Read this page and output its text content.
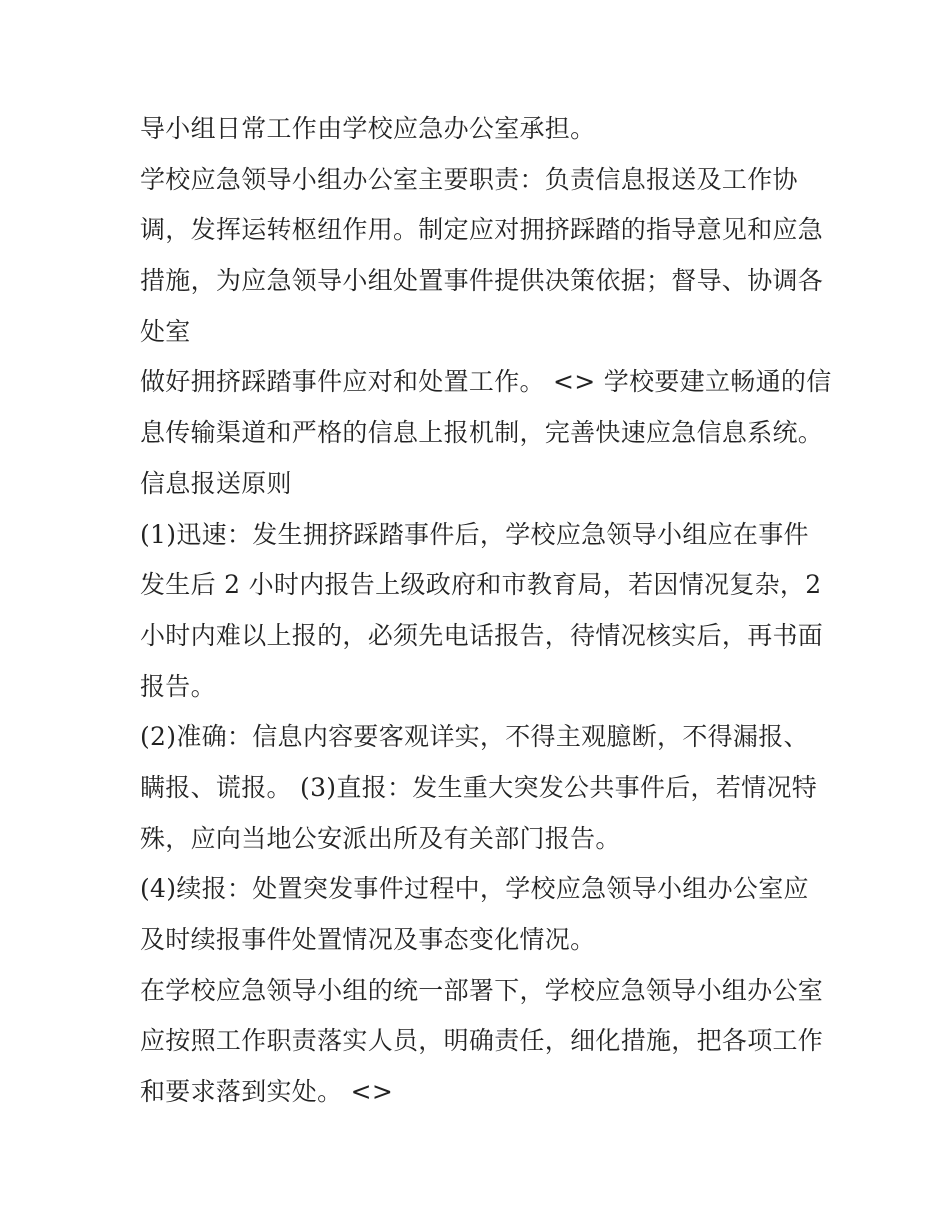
导小组日常工作由学校应急办公室承担。
学校应急领导小组办公室主要职责：负责信息报送及工作协
调，发挥运转枢纽作用。制定应对拥挤踩踏的指导意见和应急
措施，为应急领导小组处置事件提供决策依据；督导、协调各
处室
做好拥挤踩踏事件应对和处置工作。 <> 学校要建立畅通的信
息传输渠道和严格的信息上报机制，完善快速应急信息系统。
信息报送原则
(1)迅速：发生拥挤踩踏事件后，学校应急领导小组应在事件
发生后 2 小时内报告上级政府和市教育局，若因情况复杂，2
小时内难以上报的，必须先电话报告，待情况核实后，再书面
报告。
(2)准确：信息内容要客观详实，不得主观臆断，不得漏报、
瞒报、谎报。 (3)直报：发生重大突发公共事件后，若情况特
殊，应向当地公安派出所及有关部门报告。
(4)续报：处置突发事件过程中，学校应急领导小组办公室应
及时续报事件处置情况及事态变化情况。
在学校应急领导小组的统一部署下，学校应急领导小组办公室
应按照工作职责落实人员，明确责任，细化措施，把各项工作
和要求落到实处。 <>
